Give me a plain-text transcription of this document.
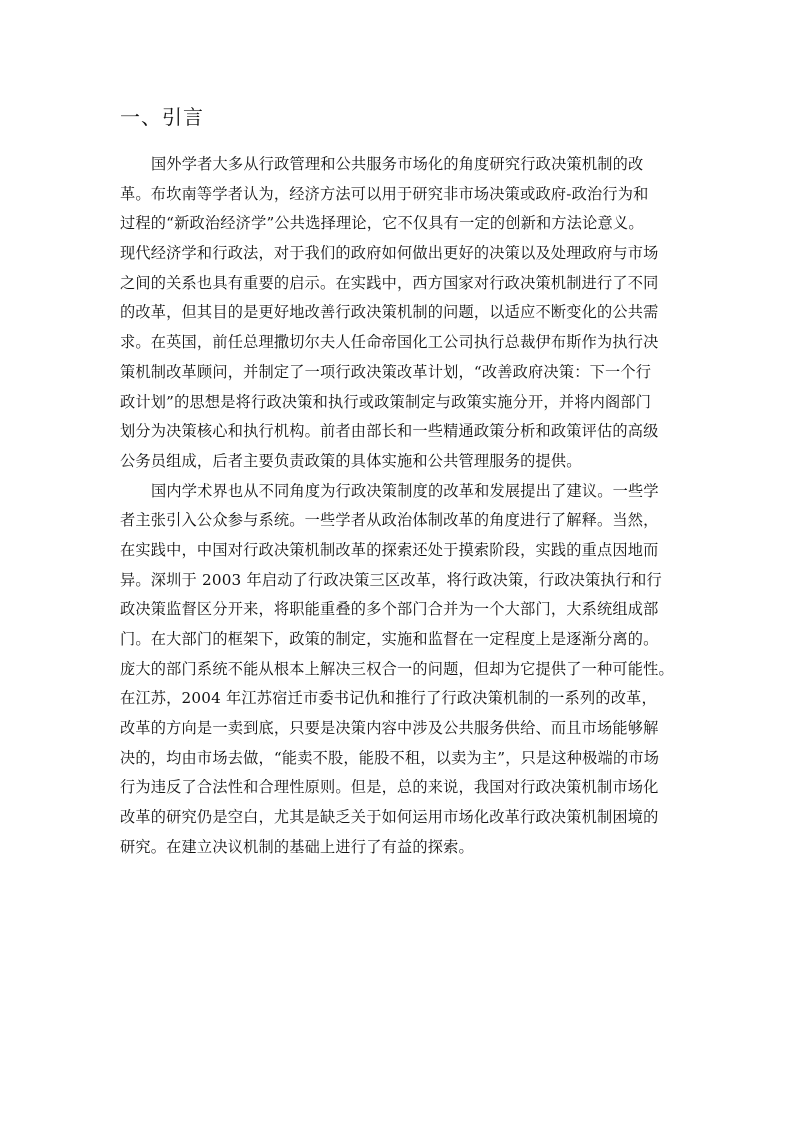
一、引言
国外学者大多从行政管理和公共服务市场化的角度研究行政决策机制的改
革。布坎南等学者认为，经济方法可以用于研究非市场决策或政府-政治行为和
过程的“新政治经济学”公共选择理论，它不仅具有一定的创新和方法论意义。
现代经济学和行政法，对于我们的政府如何做出更好的决策以及处理政府与市场
之间的关系也具有重要的启示。在实践中，西方国家对行政决策机制进行了不同
的改革，但其目的是更好地改善行政决策机制的问题，以适应不断变化的公共需
求。在英国，前任总理撒切尔夫人任命帝国化工公司执行总裁伊布斯作为执行决
策机制改革顾问，并制定了一项行政决策改革计划，“改善政府决策：下一个行
政计划”的思想是将行政决策和执行或政策制定与政策实施分开，并将内阁部门
划分为决策核心和执行机构。前者由部长和一些精通政策分析和政策评估的高级
公务员组成，后者主要负责政策的具体实施和公共管理服务的提供。
国内学术界也从不同角度为行政决策制度的改革和发展提出了建议。一些学
者主张引入公众参与系统。一些学者从政治体制改革的角度进行了解释。当然，
在实践中，中国对行政决策机制改革的探索还处于摸索阶段，实践的重点因地而
异。深圳于 2003 年启动了行政决策三区改革，将行政决策，行政决策执行和行
政决策监督区分开来，将职能重叠的多个部门合并为一个大部门，大系统组成部
门。在大部门的框架下，政策的制定，实施和监督在一定程度上是逐渐分离的。
庞大的部门系统不能从根本上解决三权合一的问题，但却为它提供了一种可能性。
在江苏，2004 年江苏宿迁市委书记仇和推行了行政决策机制的一系列的改革，
改革的方向是一卖到底，只要是决策内容中涉及公共服务供给、而且市场能够解
决的，均由市场去做，“能卖不股，能股不租，以卖为主”，只是这种极端的市场
行为违反了合法性和合理性原则。但是，总的来说，我国对行政决策机制市场化
改革的研究仍是空白，尤其是缺乏关于如何运用市场化改革行政决策机制困境的
研究。在建立决议机制的基础上进行了有益的探索。
